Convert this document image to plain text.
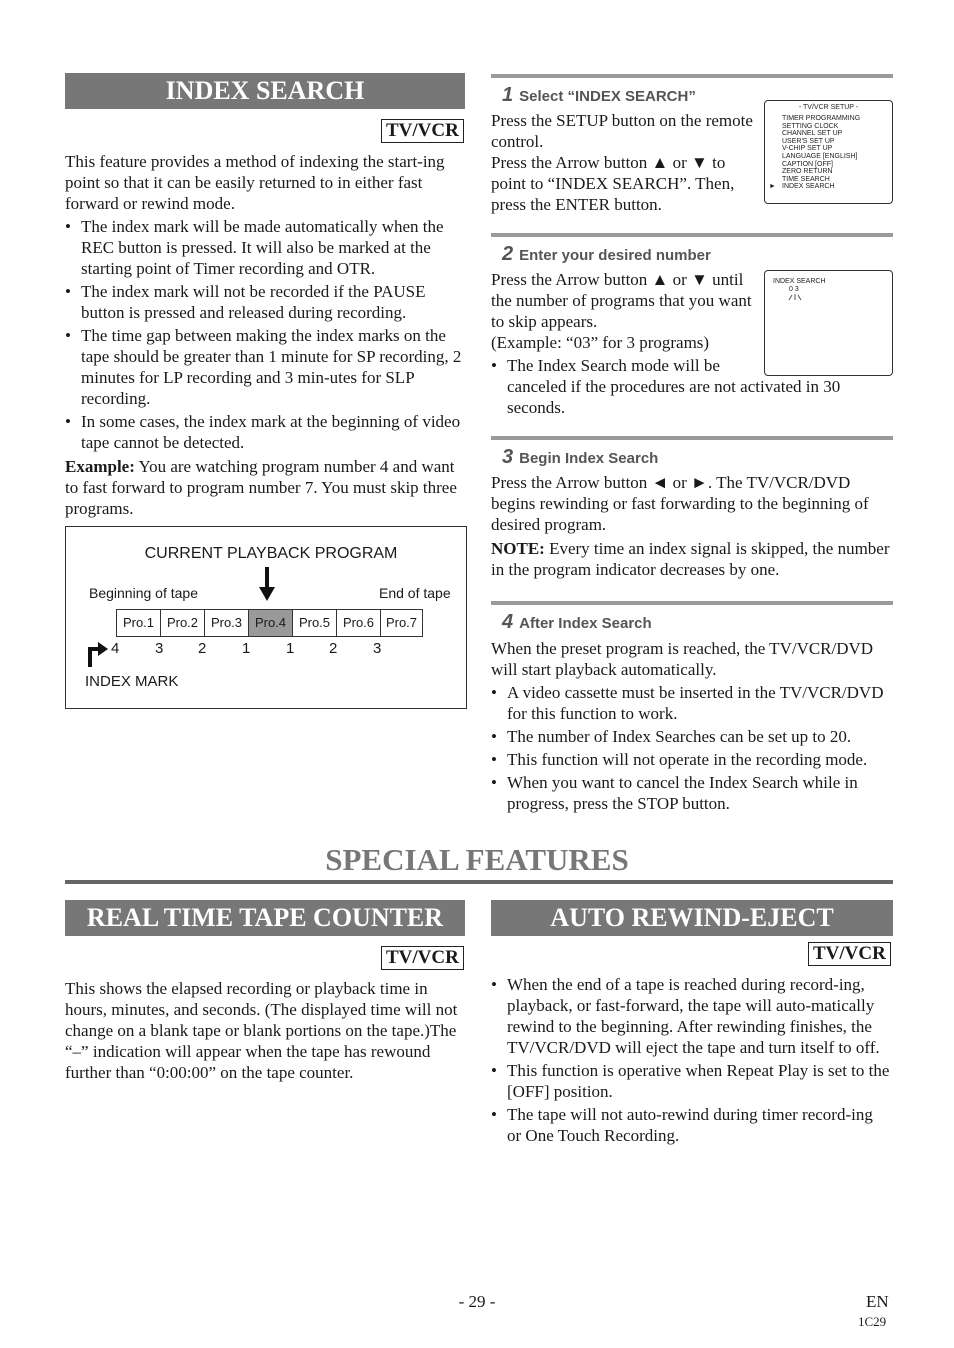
INDEX SEARCH
TV/VCR
This feature provides a method of indexing the start-ing point so that it can be easily returned to in either fast forward or rewind mode.
• The index mark will be made automatically when the REC button is pressed. It will also be marked at the starting point of Timer recording and OTR.
• The index mark will not be recorded if the PAUSE button is pressed and released during recording.
• The time gap between making the index marks on the tape should be greater than 1 minute for SP recording, 2 minutes for LP recording and 3 min-utes for SLP recording.
• In some cases, the index mark at the beginning of video tape cannot be detected.
Example: You are watching program number 4 and want to fast forward to program number 7. You must skip three programs.
CURRENT PLAYBACK PROGRAM
Beginning of tape	End of tape
Pro.1 Pro.2 Pro.3 Pro.4 Pro.5 Pro.6 Pro.7
4 3 2 1 1 2 3
INDEX MARK
1 Select “INDEX SEARCH”
Press the SETUP button on the remote control.
Press the Arrow button ▲ or ▼ to point to “INDEX SEARCH”. Then, press the ENTER button.
- TV/VCR SETUP -
TIMER PROGRAMMING
SETTING CLOCK
CHANNEL SET UP
USER'S SET UP
V-CHIP SET UP
LANGUAGE [ENGLISH]
CAPTION [OFF]
ZERO RETURN
TIME SEARCH
INDEX SEARCH
►
2 Enter your desired number
Press the Arrow button ▲ or ▼ until the number of programs that you want to skip appears.
(Example: “03” for 3 programs)
INDEX SEARCH
0 3
• The Index Search mode will be canceled if the procedures are not activated in 30 seconds.
3 Begin Index Search
Press the Arrow button ◄ or ►. The TV/VCR/DVD begins rewinding or fast forwarding to the beginning of desired program.
NOTE: Every time an index signal is skipped, the number in the program indicator decreases by one.
4 After Index Search
When the preset program is reached, the TV/VCR/DVD will start playback automatically.
• A video cassette must be inserted in the TV/VCR/DVD for this function to work.
• The number of Index Searches can be set up to 20.
• This function will not operate in the recording mode.
• When you want to cancel the Index Search while in progress, press the STOP button.
SPECIAL FEATURES
REAL TIME TAPE COUNTER
TV/VCR
This shows the elapsed recording or playback time in hours, minutes, and seconds. (The displayed time will not change on a blank tape or blank portions on the tape.)The “–” indication will appear when the tape has rewound further than “0:00:00” on the tape counter.
AUTO REWIND-EJECT
TV/VCR
• When the end of a tape is reached during record-ing, playback, or fast-forward, the tape will auto-matically rewind to the beginning. After rewinding finishes, the TV/VCR/DVD will eject the tape and turn itself to off.
• This function is operative when Repeat Play is set to the [OFF] position.
• The tape will not auto-rewind during timer record-ing or One Touch Recording.
- 29 -	EN
1C29
